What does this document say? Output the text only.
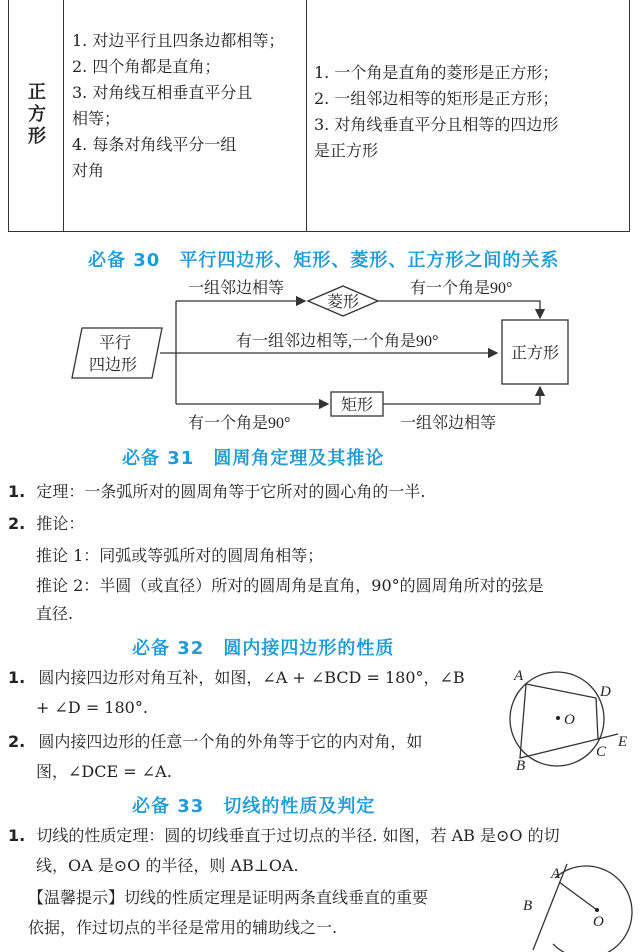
正
方
形
1. 对边平行且四条边都相等；
2. 四个角都是直角；
3. 对角线互相垂直平分且
相等；
4. 每条对角线平分一组
对角
1. 一个角是直角的菱形是正方形；
2. 一组邻边相等的矩形是正方形；
3. 对角线垂直平分且相等的四边形
是正方形
必备 30　平行四边形、矩形、菱形、正方形之间的关系
平行
四边形
菱形
正方形
矩形
一组邻边相等	有一个角是90°
有一组邻边相等,一个角是90°
有一个角是90°	一组邻边相等
必备 31　圆周角定理及其推论
1. 定理：一条弧所对的圆周角等于它所对的圆心角的一半.
2. 推论：
推论 1：同弧或等弧所对的圆周角相等；
推论 2：半圆（或直径）所对的圆周角是直角，90°的圆周角所对的弦是
直径.
必备 32　圆内接四边形的性质
1. 圆内接四边形对角互补，如图，∠A + ∠BCD = 180°，∠B
+ ∠D = 180°.
2. 圆内接四边形的任意一个角的外角等于它的内对角，如
图，∠DCE = ∠A.
A
D
O
C
E
B
必备 33　切线的性质及判定
1. 切线的性质定理：圆的切线垂直于过切点的半径. 如图，若 AB 是⊙O 的切
线，OA 是⊙O 的半径，则 AB⊥OA.
【温馨提示】切线的性质定理是证明两条直线垂直的重要
依据，作过切点的半径是常用的辅助线之一.
A
B
O
